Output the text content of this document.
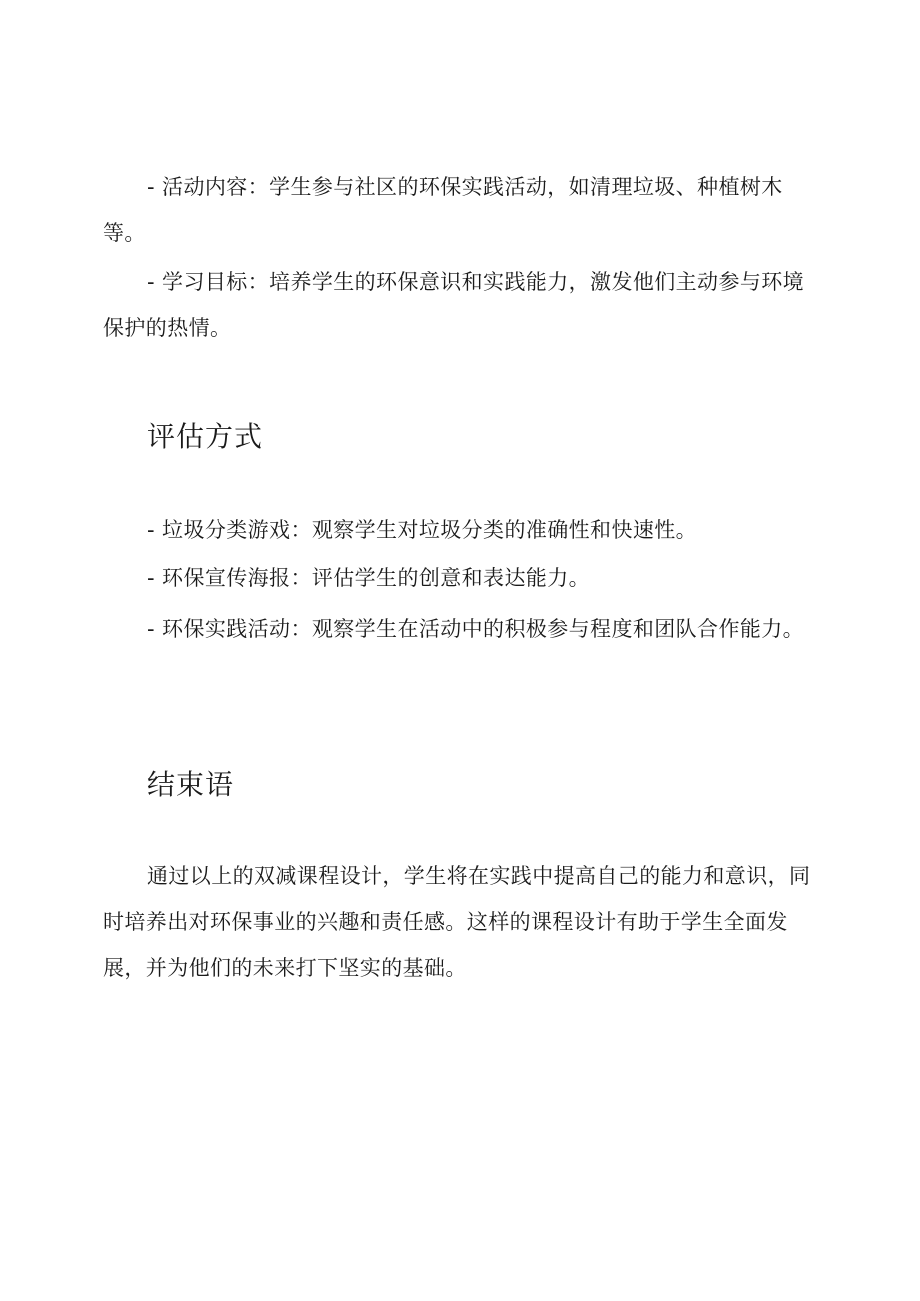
- 活动内容：学生参与社区的环保实践活动，如清理垃圾、种植树木等。

- 学习目标：培养学生的环保意识和实践能力，激发他们主动参与环境保护的热情。

评估方式

- 垃圾分类游戏：观察学生对垃圾分类的准确性和快速性。

- 环保宣传海报：评估学生的创意和表达能力。

- 环保实践活动：观察学生在活动中的积极参与程度和团队合作能力。

结束语

通过以上的双减课程设计，学生将在实践中提高自己的能力和意识，同时培养出对环保事业的兴趣和责任感。这样的课程设计有助于学生全面发展，并为他们的未来打下坚实的基础。
